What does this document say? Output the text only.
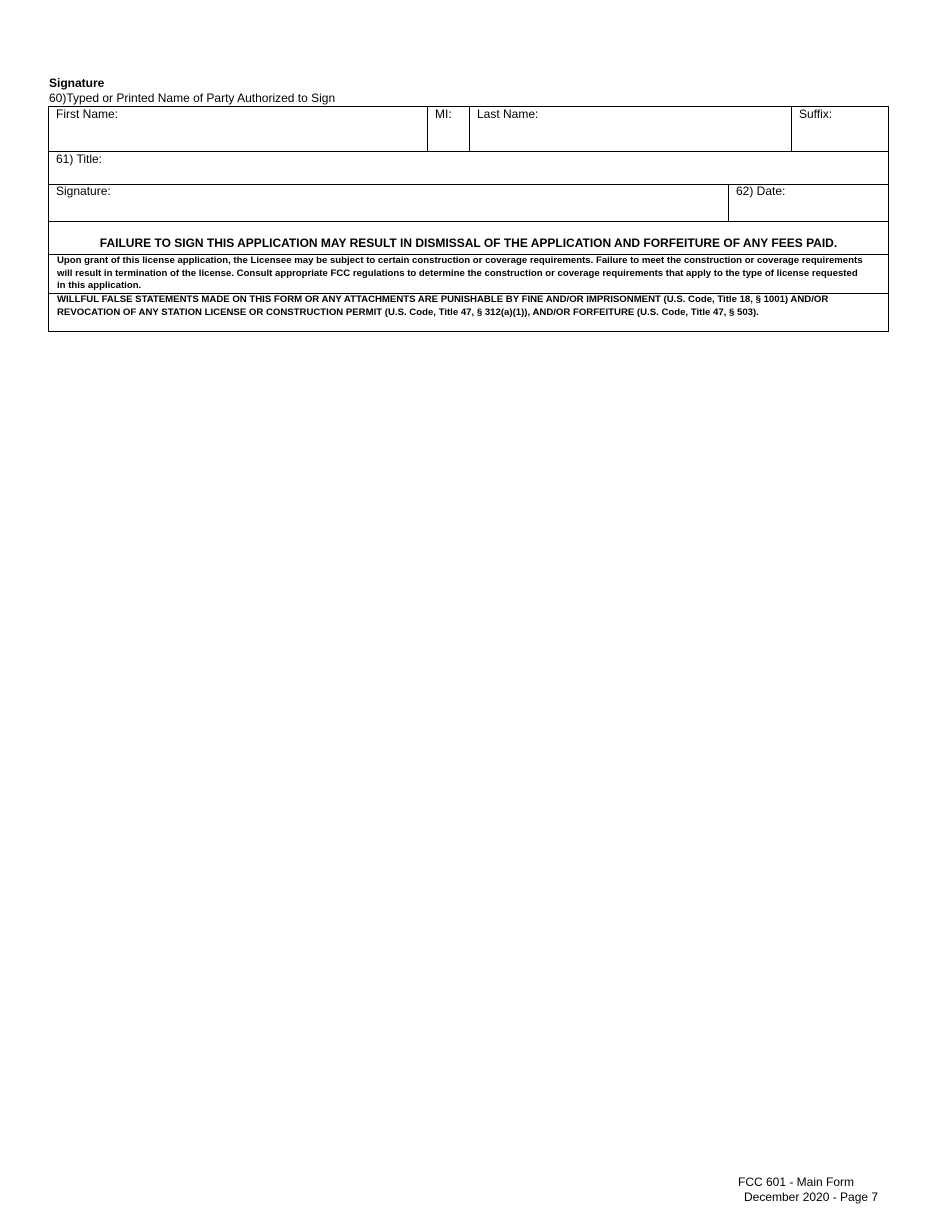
Signature
60)Typed or Printed Name of Party Authorized to Sign
First Name:	MI: Last Name:	Suffix:
61) Title:
Signature:	62) Date:
FAILURE TO SIGN THIS APPLICATION MAY RESULT IN DISMISSAL OF THE APPLICATION AND FORFEITURE OF ANY FEES PAID.
Upon grant of this license application, the Licensee may be subject to certain construction or coverage requirements. Failure to meet the construction or coverage requirements will result in termination of the license. Consult appropriate FCC regulations to determine the construction or coverage requirements that apply to the type of license requested in this application.
WILLFUL FALSE STATEMENTS MADE ON THIS FORM OR ANY ATTACHMENTS ARE PUNISHABLE BY FINE AND/OR IMPRISONMENT (U.S. Code, Title 18, § 1001) AND/OR REVOCATION OF ANY STATION LICENSE OR CONSTRUCTION PERMIT (U.S. Code, Title 47, § 312(a)(1)), AND/OR FORFEITURE (U.S. Code, Title 47, § 503).
FCC 601 - Main Form
December 2020 - Page 7
